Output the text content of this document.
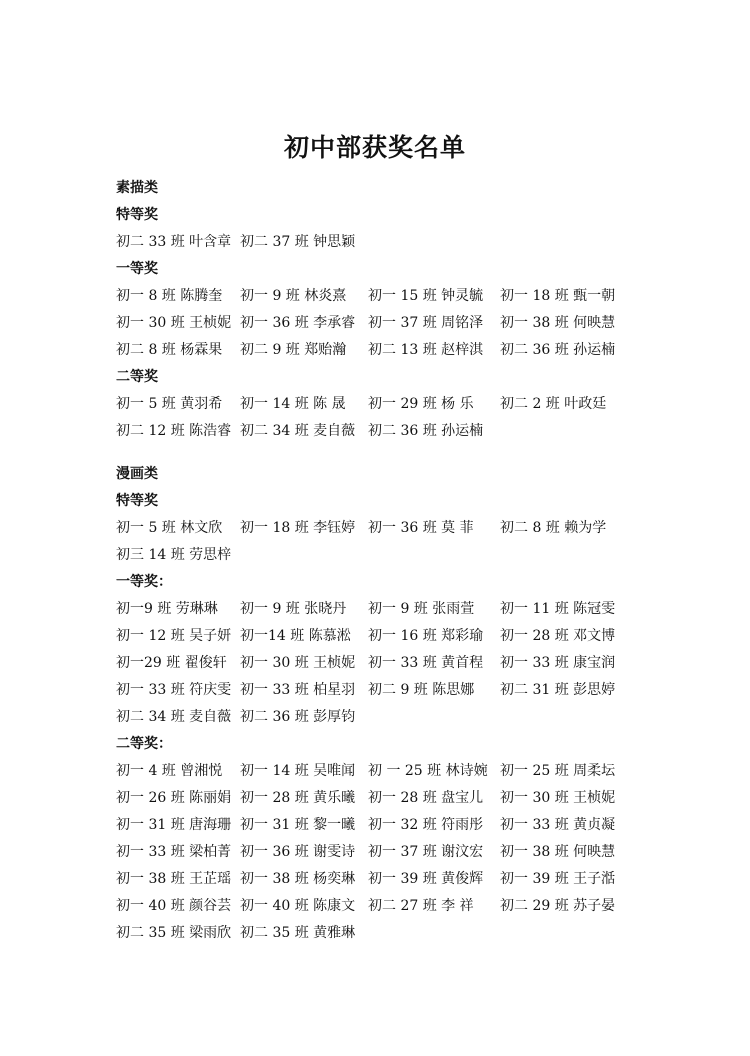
初中部获奖名单
素描类
特等奖
初二 33 班 叶含章 初二 37 班 钟思颖
一等奖
初一 8 班 陈腾奎 初一 9 班 林炎熹 初一 15 班 钟灵毓 初一 18 班 甄一朝
初一 30 班 王桢妮 初一 36 班 李承睿 初一 37 班 周铭泽 初一 38 班 何映慧
初二 8 班 杨霖果 初二 9 班 郑贻瀚 初二 13 班 赵梓淇 初二 36 班 孙运楠
二等奖
初一 5 班 黄羽希 初一 14 班 陈 晟 初一 29 班 杨 乐 初二 2 班 叶政廷
初二 12 班 陈浩睿 初二 34 班 麦自薇 初二 36 班 孙运楠
漫画类
特等奖
初一 5 班 林文欣 初一 18 班 李钰婷 初一 36 班 莫 菲 初二 8 班 赖为学
初三 14 班 劳思梓
一等奖：
初一9 班 劳琳琳 初一 9 班 张晓丹 初一 9 班 张雨萱 初一 11 班 陈冠雯
初一 12 班 吴子妍 初一14 班 陈慕淞 初一 16 班 郑彩瑜 初一 28 班 邓文博
初一29 班 翟俊轩 初一 30 班 王桢妮 初一 33 班 黄首程 初一 33 班 康宝润
初一 33 班 符庆雯 初一 33 班 柏星羽 初二 9 班 陈思娜 初二 31 班 彭思婷
初二 34 班 麦自薇 初二 36 班 彭厚钧
二等奖：
初一 4 班 曾湘悦 初一 14 班 吴唯闻 初 一 25 班 林诗婉 初一 25 班 周柔坛
初一 26 班 陈丽娟 初一 28 班 黄乐曦 初一 28 班 盘宝儿 初一 30 班 王桢妮
初一 31 班 唐海珊 初一 31 班 黎一曦 初一 32 班 符雨彤 初一 33 班 黄贞凝
初一 33 班 梁柏菁 初一 36 班 谢雯诗 初一 37 班 谢汶宏 初一 38 班 何映慧
初一 38 班 王芷瑶 初一 38 班 杨奕琳 初一 39 班 黄俊辉 初一 39 班 王子湉
初一 40 班 颜谷芸 初一 40 班 陈康文 初二 27 班 李 祥 初二 29 班 苏子晏
初二 35 班 梁雨欣 初二 35 班 黄雅琳
